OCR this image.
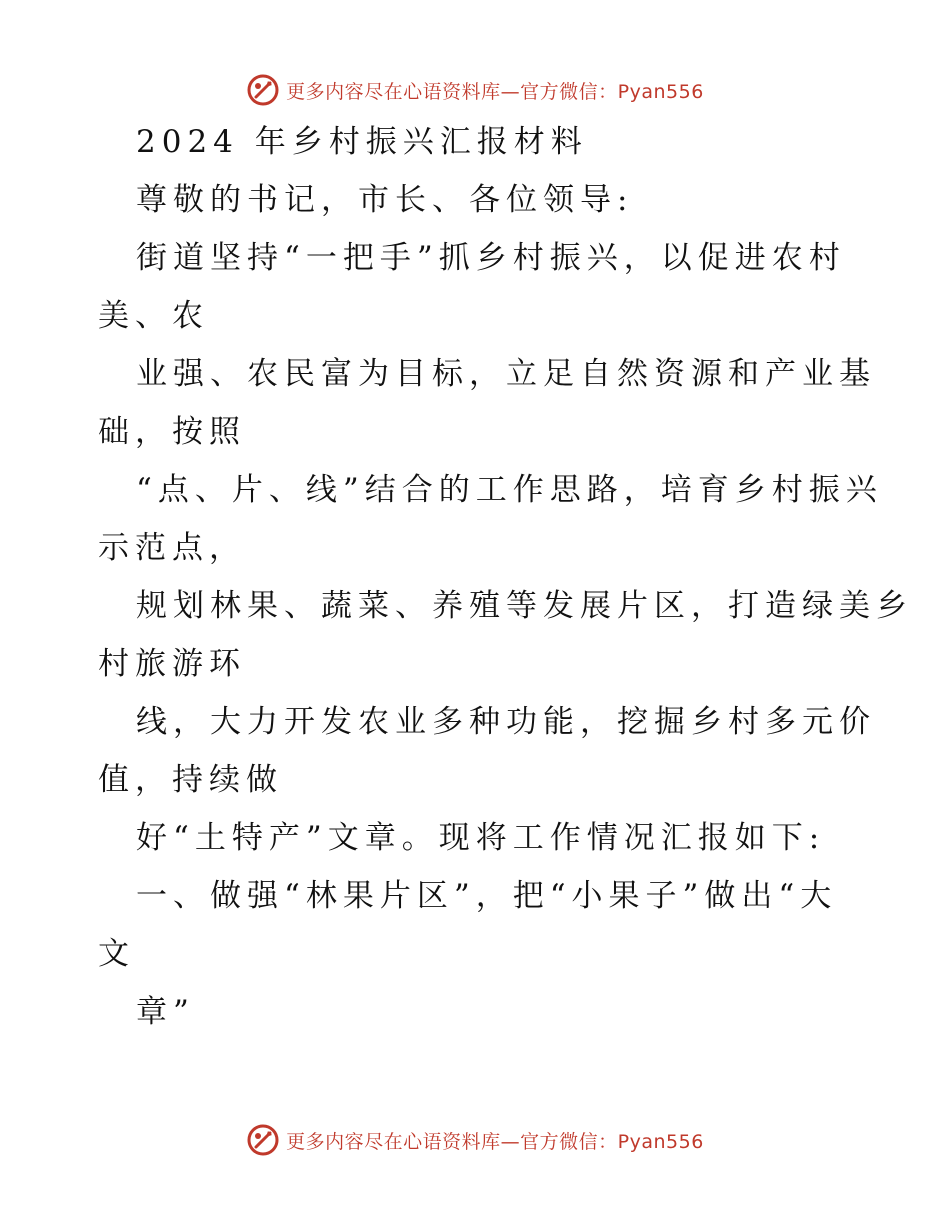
更多内容尽在心语资料库—官方微信：Pyan556
2024 年乡村振兴汇报材料
尊敬的书记，市长、各位领导:
街道坚持“一把手”抓乡村振兴，以促进农村
美、农
业强、农民富为目标，立足自然资源和产业基
础，按照
“点、片、线”结合的工作思路，培育乡村振兴
示范点，
规划林果、蔬菜、养殖等发展片区，打造绿美乡
村旅游环
线，大力开发农业多种功能，挖掘乡村多元价
值，持续做
好“土特产”文章。现将工作情况汇报如下:
一、做强“林果片区”，把“小果子”做出“大
文
章”
更多内容尽在心语资料库—官方微信：Pyan556
